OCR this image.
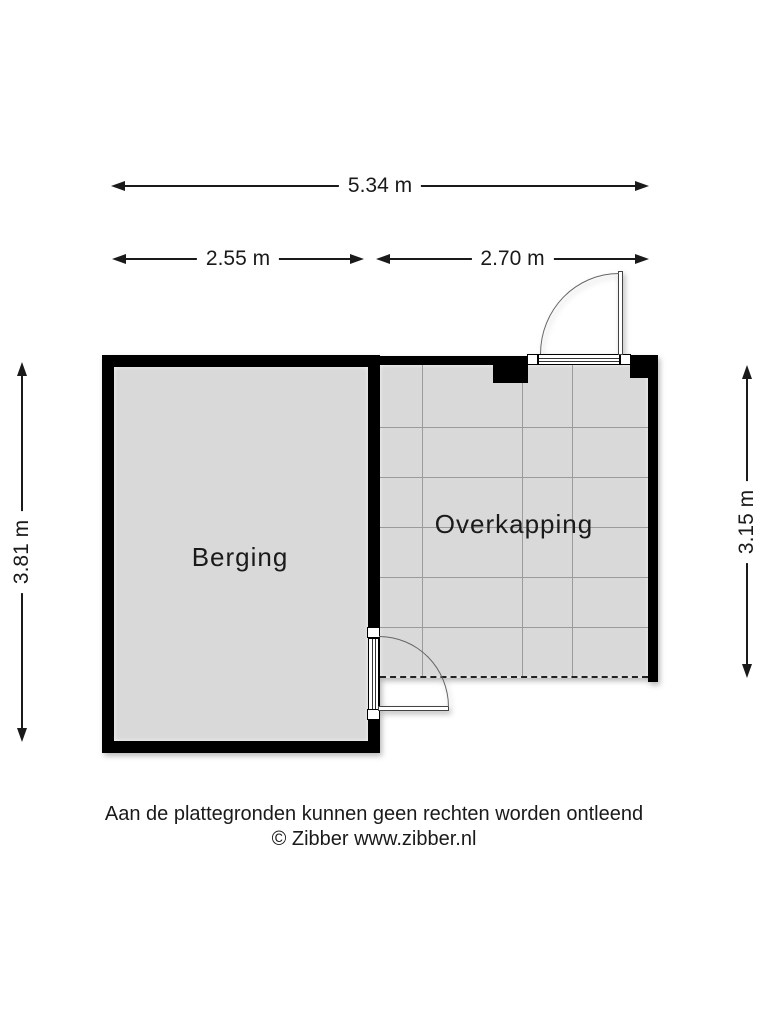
5.34 m
2.55 m	2.70 m
3.81 m	3.15 m
Berging
Overkapping
Aan de plattegronden kunnen geen rechten worden ontleend
© Zibber www.zibber.nl
